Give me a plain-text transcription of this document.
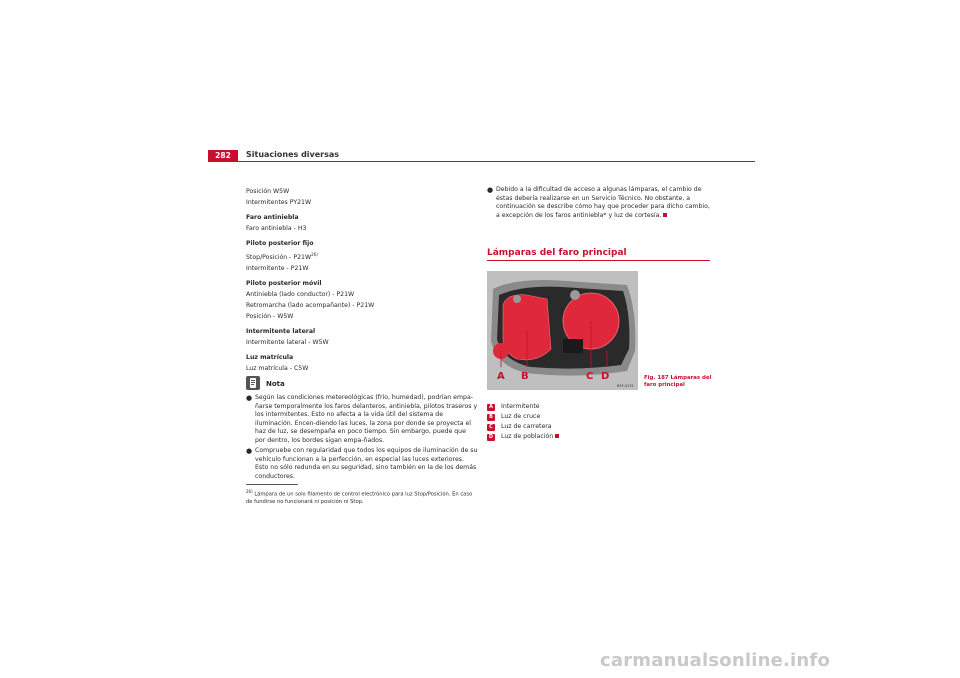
282	Situaciones diversas
Posición W5W
Intermitentes PY21W
Faro antiniebla
Faro antiniebla - H3
Piloto posterior fijo
Stop/Posición - $P21W^{26)}$
Intermitente - P21W
Piloto posterior móvil
Antiniebla (lado conductor) - P21W
Retromarcha (lado acompañante) - P21W
Posición - W5W
Intermitente lateral
Intermitente lateral - W5W
Luz matrícula
Luz matrícula - C5W
Nota
● Según las condiciones metereológicas (frío, humedad), podrían empa-ñarse temporalmente los faros delanteros, antiniebla, pilotos traseros y los intermitentes. Esto no afecta a la vida útil del sistema de iluminación. Encen-diendo las luces, la zona por donde se proyecta el haz de luz, se desempaña en poco tiempo. Sin embargo, puede que por dentro, los bordes sigan empa-ñados.
● Compruebe con regularidad que todos los equipos de iluminación de su vehículo funcionan a la perfección, en especial las luces exteriores. Esto no sólo redunda en su seguridad, sino también en la de los demás conductores.
$^{26)}$ Lámpara de un solo filamento de control electrónico para luz Stop/Posición. En caso de fundirse no funcionará ni posición ni Stop.
● Debido a la dificultad de acceso a algunas lámparas, el cambio de éstas debería realizarse en un Servicio Técnico. No obstante, a continuación se describe cómo hay que proceder para dicho cambio, a excepción de los faros antiniebla* y luz de cortesía.
Lámparas del faro principal
A B	C D
B5F-0131
Fig. 187 Lámparas del faro principal
A	Intermitente
B	Luz de cruce
C	Luz de carretera
D	Luz de población
carmanualsonline.info
